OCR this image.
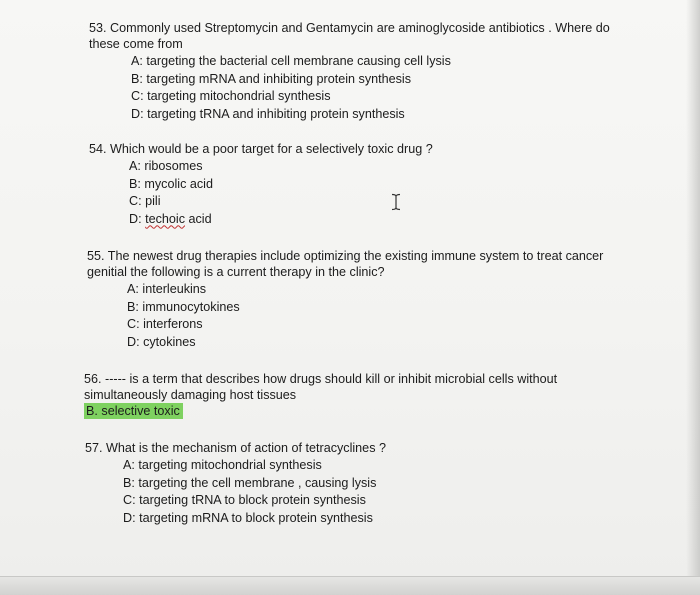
53. Commonly used Streptomycin and Gentamycin are aminoglycoside antibiotics . Where do

these come from

A: targeting the bacterial cell membrane causing cell lysis
B: targeting mRNA and inhibiting protein synthesis
C: targeting mitochondrial synthesis
D: targeting tRNA and inhibiting protein synthesis

54. Which would be a poor target for a selectively toxic drug ?

A: ribosomes
B: mycolic acid
C: pili
D: techoic acid

55. The newest drug therapies include optimizing the existing immune system to treat cancer

genitial the following is a current therapy in the clinic?

A: interleukins
B: immunocytokines
C: interferons
D: cytokines

56. ----- is a term that describes how drugs should kill or inhibit microbial cells without

simultaneously damaging host tissues

B. selective toxic

57. What is the mechanism of action of tetracyclines ?

A: targeting mitochondrial synthesis
B: targeting the cell membrane , causing lysis
C: targeting tRNA to block protein synthesis
D: targeting mRNA to block protein synthesis
